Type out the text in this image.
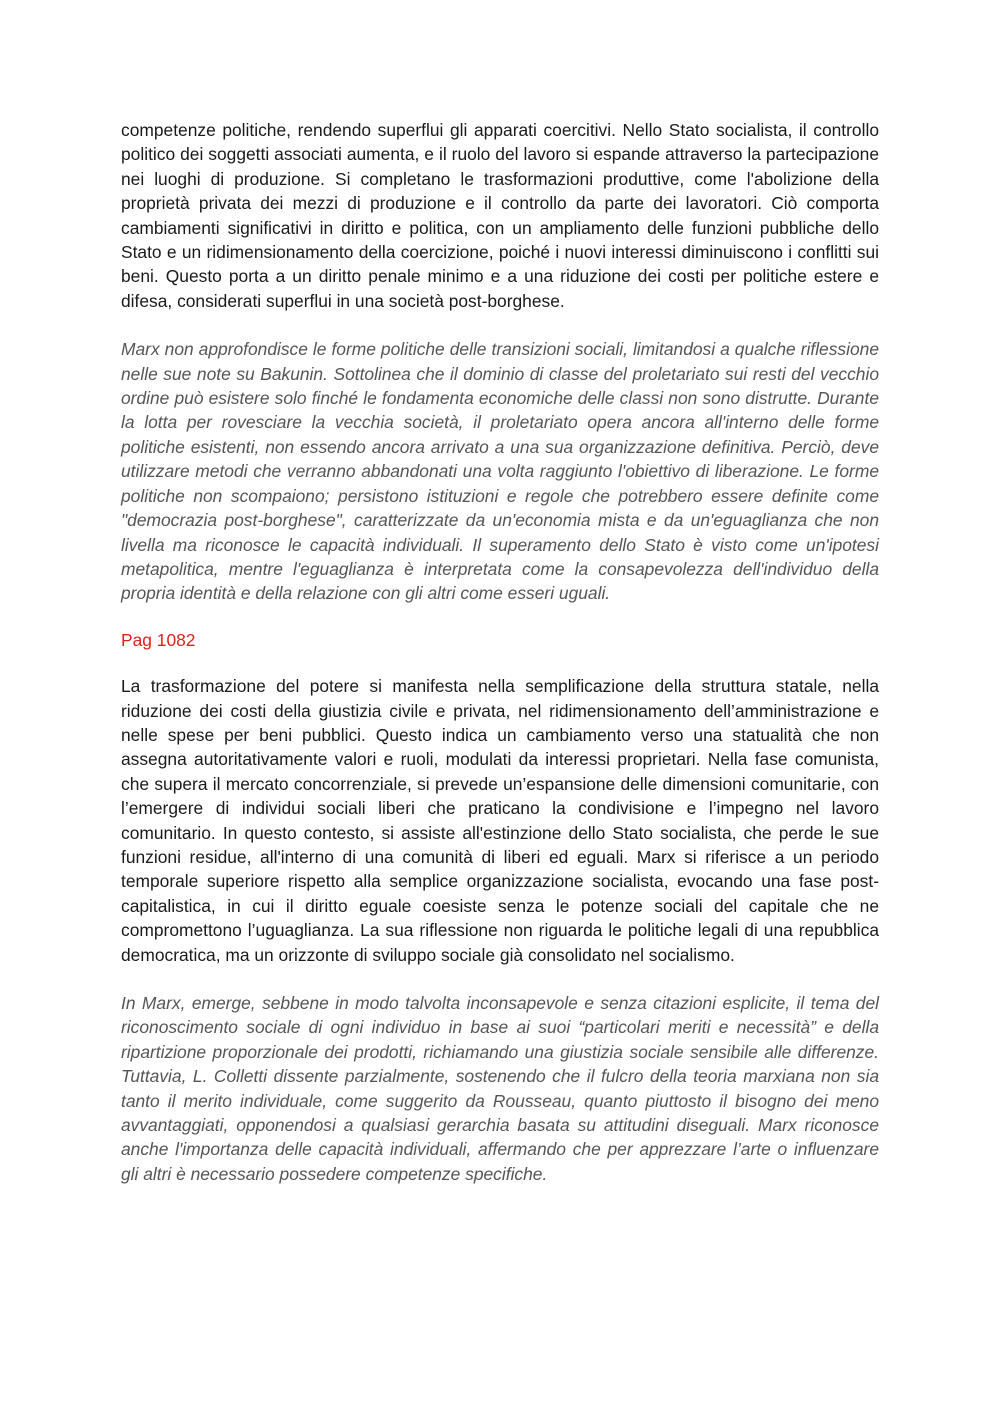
competenze politiche, rendendo superflui gli apparati coercitivi. Nello Stato socialista, il controllo politico dei soggetti associati aumenta, e il ruolo del lavoro si espande attraverso la partecipazione nei luoghi di produzione. Si completano le trasformazioni produttive, come l'abolizione della proprietà privata dei mezzi di produzione e il controllo da parte dei lavoratori. Ciò comporta cambiamenti significativi in diritto e politica, con un ampliamento delle funzioni pubbliche dello Stato e un ridimensionamento della coercizione, poiché i nuovi interessi diminuiscono i conflitti sui beni. Questo porta a un diritto penale minimo e a una riduzione dei costi per politiche estere e difesa, considerati superflui in una società post-borghese.

Marx non approfondisce le forme politiche delle transizioni sociali, limitandosi a qualche riflessione nelle sue note su Bakunin. Sottolinea che il dominio di classe del proletariato sui resti del vecchio ordine può esistere solo finché le fondamenta economiche delle classi non sono distrutte. Durante la lotta per rovesciare la vecchia società, il proletariato opera ancora all'interno delle forme politiche esistenti, non essendo ancora arrivato a una sua organizzazione definitiva. Perciò, deve utilizzare metodi che verranno abbandonati una volta raggiunto l'obiettivo di liberazione. Le forme politiche non scompaiono; persistono istituzioni e regole che potrebbero essere definite come "democrazia post-borghese", caratterizzate da un'economia mista e da un'eguaglianza che non livella ma riconosce le capacità individuali. Il superamento dello Stato è visto come un'ipotesi metapolitica, mentre l'eguaglianza è interpretata come la consapevolezza dell'individuo della propria identità e della relazione con gli altri come esseri uguali.

Pag 1082

La trasformazione del potere si manifesta nella semplificazione della struttura statale, nella riduzione dei costi della giustizia civile e privata, nel ridimensionamento dell’amministrazione e nelle spese per beni pubblici. Questo indica un cambiamento verso una statualità che non assegna autoritativamente valori e ruoli, modulati da interessi proprietari. Nella fase comunista, che supera il mercato concorrenziale, si prevede un’espansione delle dimensioni comunitarie, con l’emergere di individui sociali liberi che praticano la condivisione e l’impegno nel lavoro comunitario. In questo contesto, si assiste all'estinzione dello Stato socialista, che perde le sue funzioni residue, all'interno di una comunità di liberi ed eguali. Marx si riferisce a un periodo temporale superiore rispetto alla semplice organizzazione socialista, evocando una fase post-capitalistica, in cui il diritto eguale coesiste senza le potenze sociali del capitale che ne compromettono l’uguaglianza. La sua riflessione non riguarda le politiche legali di una repubblica democratica, ma un orizzonte di sviluppo sociale già consolidato nel socialismo.

In Marx, emerge, sebbene in modo talvolta inconsapevole e senza citazioni esplicite, il tema del riconoscimento sociale di ogni individuo in base ai suoi “particolari meriti e necessità” e della ripartizione proporzionale dei prodotti, richiamando una giustizia sociale sensibile alle differenze. Tuttavia, L. Colletti dissente parzialmente, sostenendo che il fulcro della teoria marxiana non sia tanto il merito individuale, come suggerito da Rousseau, quanto piuttosto il bisogno dei meno avvantaggiati, opponendosi a qualsiasi gerarchia basata su attitudini diseguali. Marx riconosce anche l'importanza delle capacità individuali, affermando che per apprezzare l’arte o influenzare gli altri è necessario possedere competenze specifiche.
